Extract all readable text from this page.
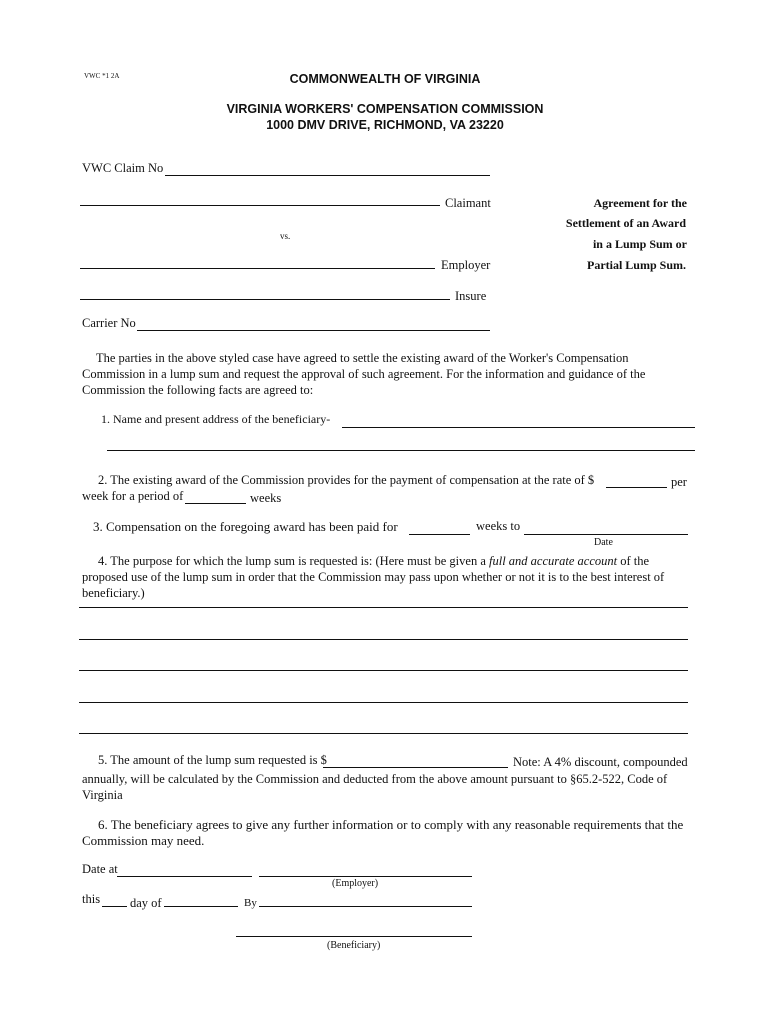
VWC *1 2A	COMMONWEALTH OF VIRGINIA
VIRGINIA WORKERS' COMPENSATION COMMISSION
1000 DMV DRIVE, RICHMOND, VA 23220
VWC Claim No
Claimant
vs.
Employer
Insure
Carrier No
Agreement for the
Settlement of an Award
in a Lump Sum or
Partial Lump Sum.
The parties in the above styled case have agreed to settle the existing award of the Worker's Compensation Commission in a lump sum and request the approval of such agreement. For the information and guidance of the Commission the following facts are agreed to:
1. Name and present address of the beneficiary-
2. The existing award of the Commission provides for the payment of compensation at the rate of $	per
week for a period of	weeks
3. Compensation on the foregoing award has been paid for	weeks to
Date
4. The purpose for which the lump sum is requested is: (Here must be given a full and accurate account of the proposed use of the lump sum in order that the Commission may pass upon whether or not it is to the best interest of beneficiary.)
5. The amount of the lump sum requested is $	Note: A 4% discount, compounded
annually, will be calculated by the Commission and deducted from the above amount pursuant to §65.2-522, Code of Virginia
6. The beneficiary agrees to give any further information or to comply with any reasonable requirements that the Commission may need.
Date at
(Employer)
this day of	By
(Beneficiary)
